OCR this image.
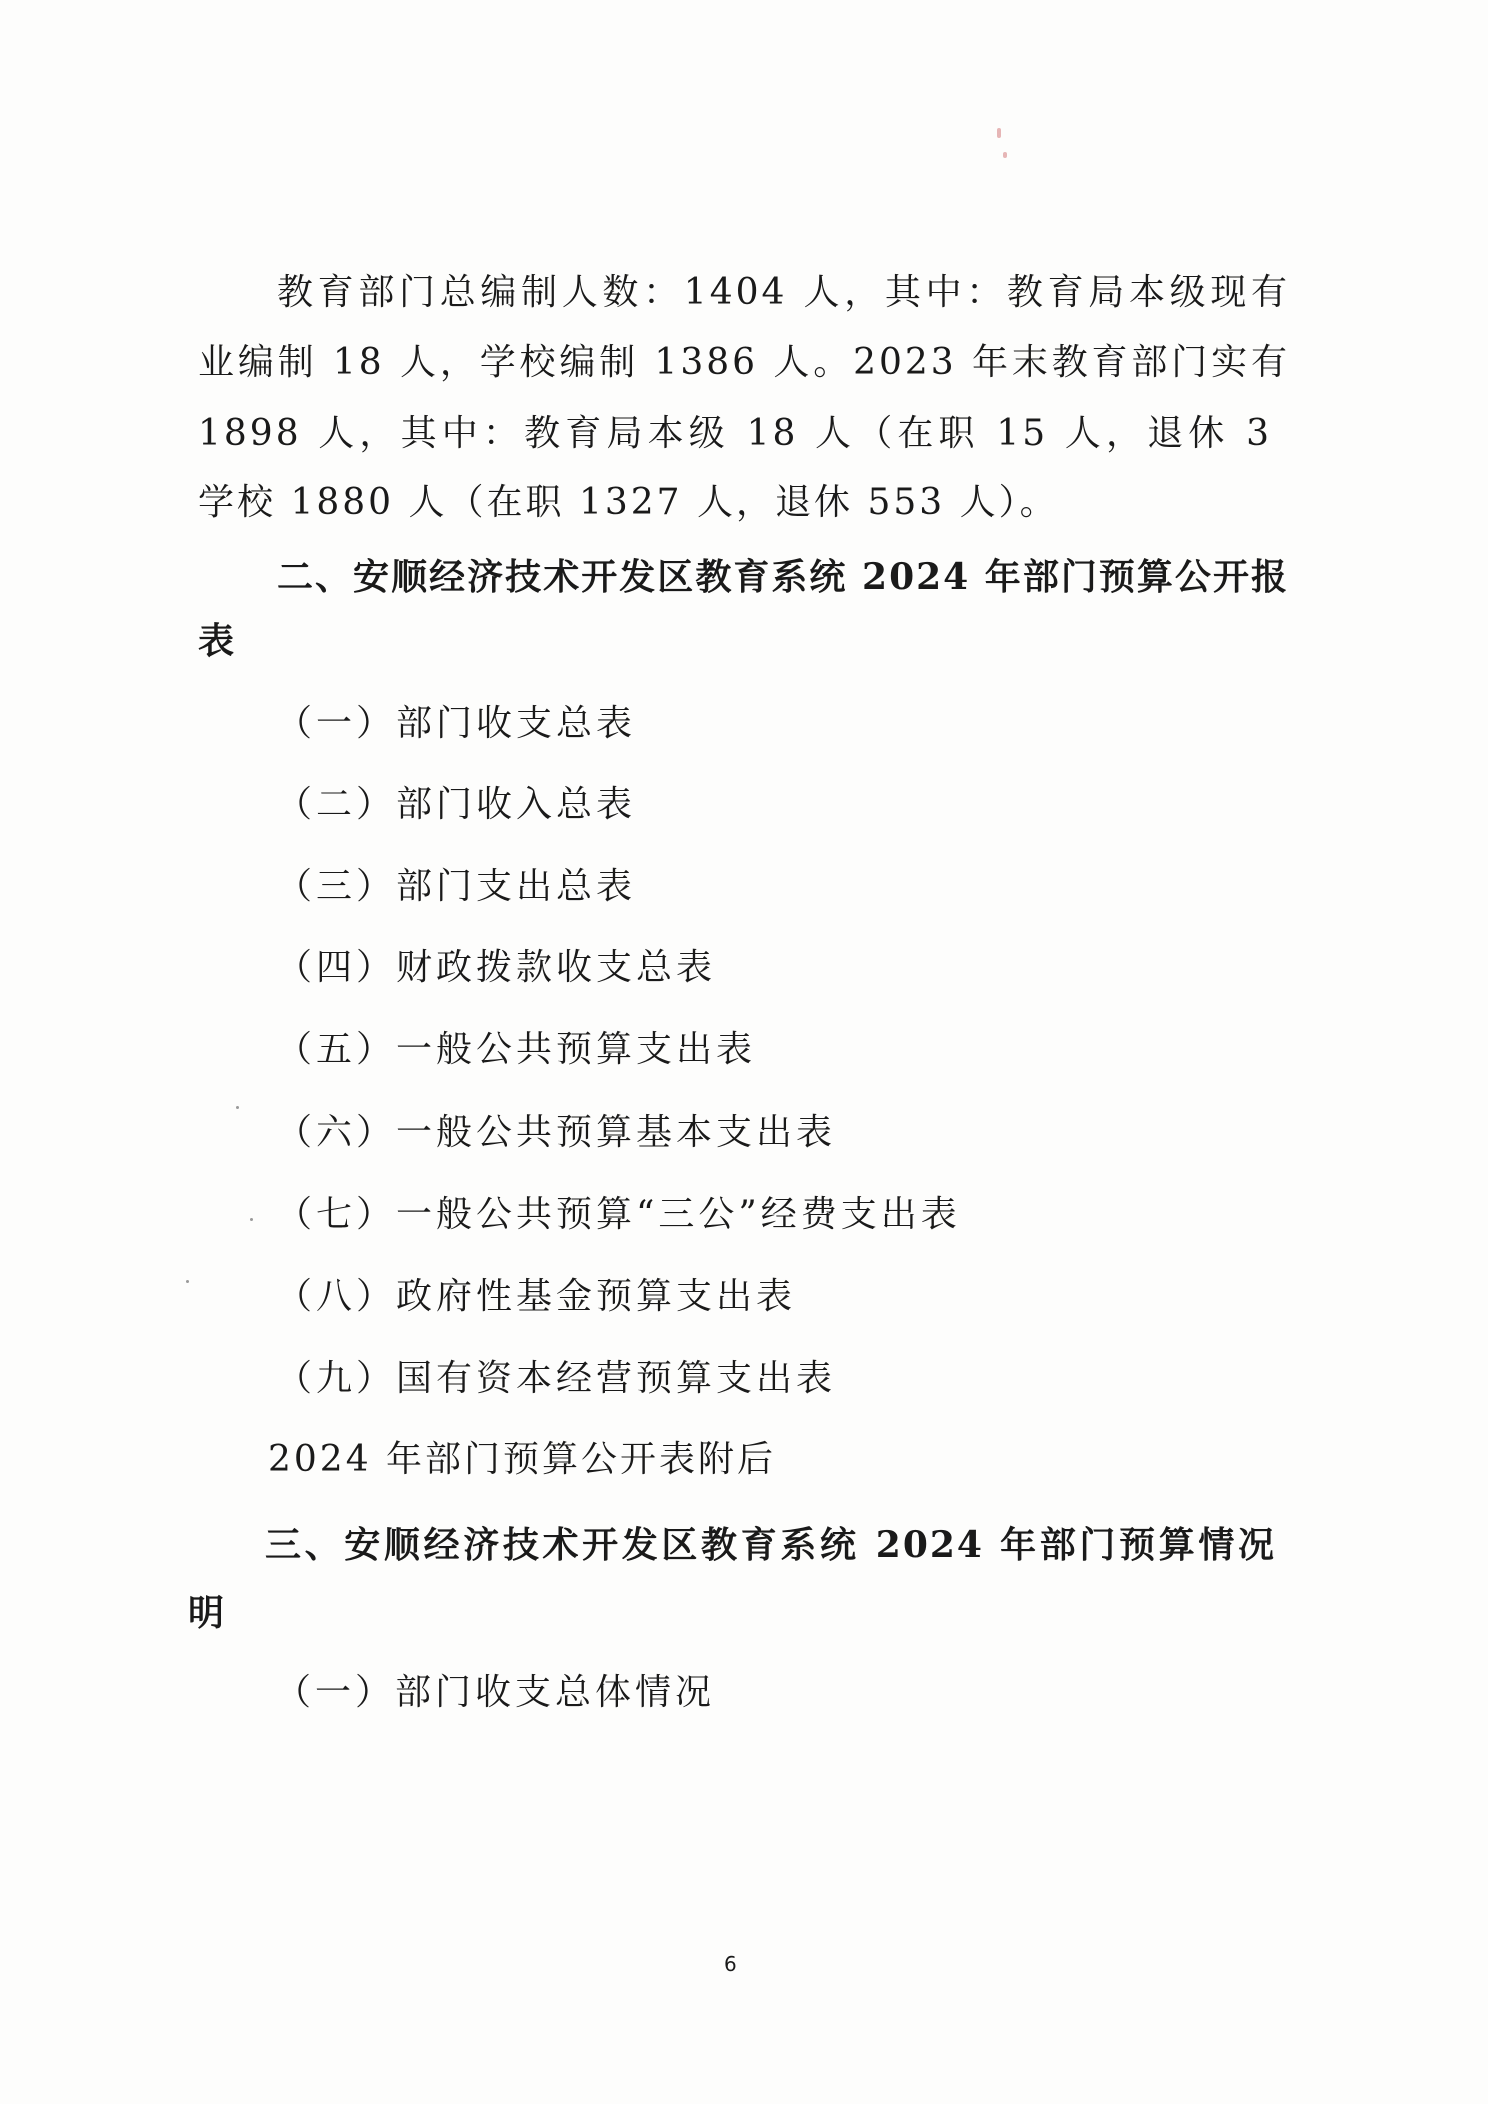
教育部门总编制人数：1404 人，其中：教育局本级现有
业编制 18 人，学校编制 1386 人。2023 年末教育部门实有
1898 人，其中：教育局本级 18 人（在职 15 人，退休 3
学校 1880 人（在职 1327 人，退休 553 人）。
二、安顺经济技术开发区教育系统 2024 年部门预算公开报
表
（一）部门收支总表
（二）部门收入总表
（三）部门支出总表
（四）财政拨款收支总表
（五）一般公共预算支出表
（六）一般公共预算基本支出表
（七）一般公共预算“三公”经费支出表
（八）政府性基金预算支出表
（九）国有资本经营预算支出表
2024 年部门预算公开表附后
三、安顺经济技术开发区教育系统 2024 年部门预算情况
明
（一）部门收支总体情况
6
